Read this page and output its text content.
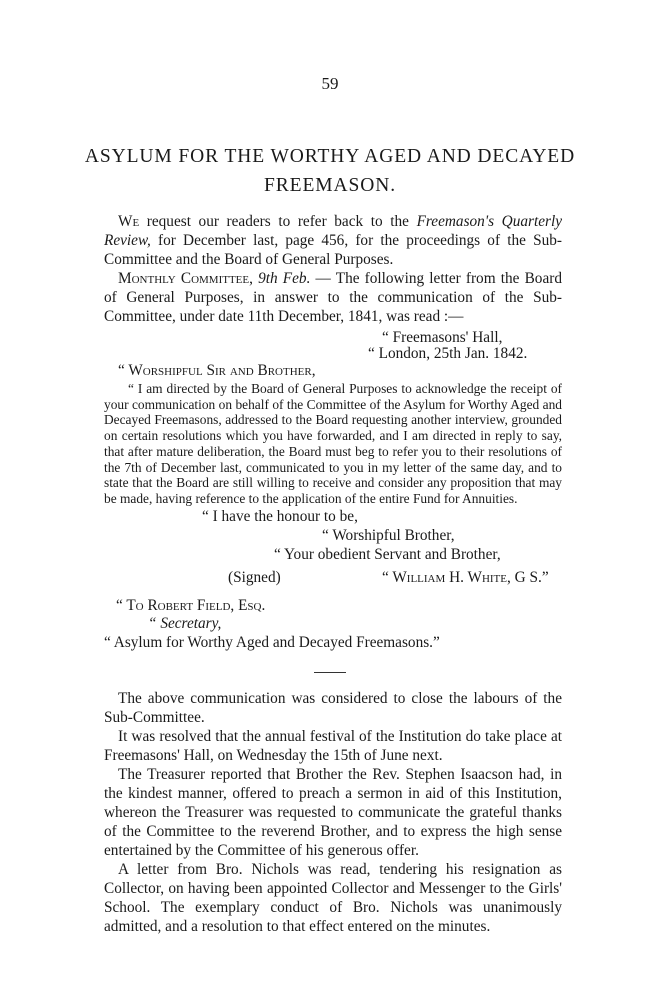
59
ASYLUM FOR THE WORTHY AGED AND DECAYED
FREEMASON.

We request our readers to refer back to the Freemason's Quarterly Review, for December last, page 456, for the proceedings of the Sub-Committee and the Board of General Purposes.

Monthly Committee, 9th Feb. — The following letter from the Board of General Purposes, in answer to the communication of the Sub-Committee, under date 11th December, 1841, was read :—

“ Freemasons' Hall,
“ London, 25th Jan. 1842.
“ Worshipful Sir and Brother,

“ I am directed by the Board of General Purposes to acknowledge the receipt of your communication on behalf of the Committee of the Asylum for Worthy Aged and Decayed Freemasons, addressed to the Board requesting another interview, grounded on certain resolutions which you have forwarded, and I am directed in reply to say, that after mature deliberation, the Board must beg to refer you to their resolutions of the 7th of December last, communicated to you in my letter of the same day, and to state that the Board are still willing to receive and consider any proposition that may be made, having reference to the application of the entire Fund for Annuities.

“ I have the honour to be,
“ Worshipful Brother,
“ Your obedient Servant and Brother,
(Signed)	“ William H. White, G S.”
“ To Robert Field, Esq.
“ Secretary,
“ Asylum for Worthy Aged and Decayed Freemasons.”

The above communication was considered to close the labours of the Sub-Committee.

It was resolved that the annual festival of the Institution do take place at Freemasons' Hall, on Wednesday the 15th of June next.

The Treasurer reported that Brother the Rev. Stephen Isaacson had, in the kindest manner, offered to preach a sermon in aid of this Institution, whereon the Treasurer was requested to communicate the grateful thanks of the Committee to the reverend Brother, and to express the high sense entertained by the Committee of his generous offer.

A letter from Bro. Nichols was read, tendering his resignation as Collector, on having been appointed Collector and Messenger to the Girls' School. The exemplary conduct of Bro. Nichols was unanimously admitted, and a resolution to that effect entered on the minutes.
